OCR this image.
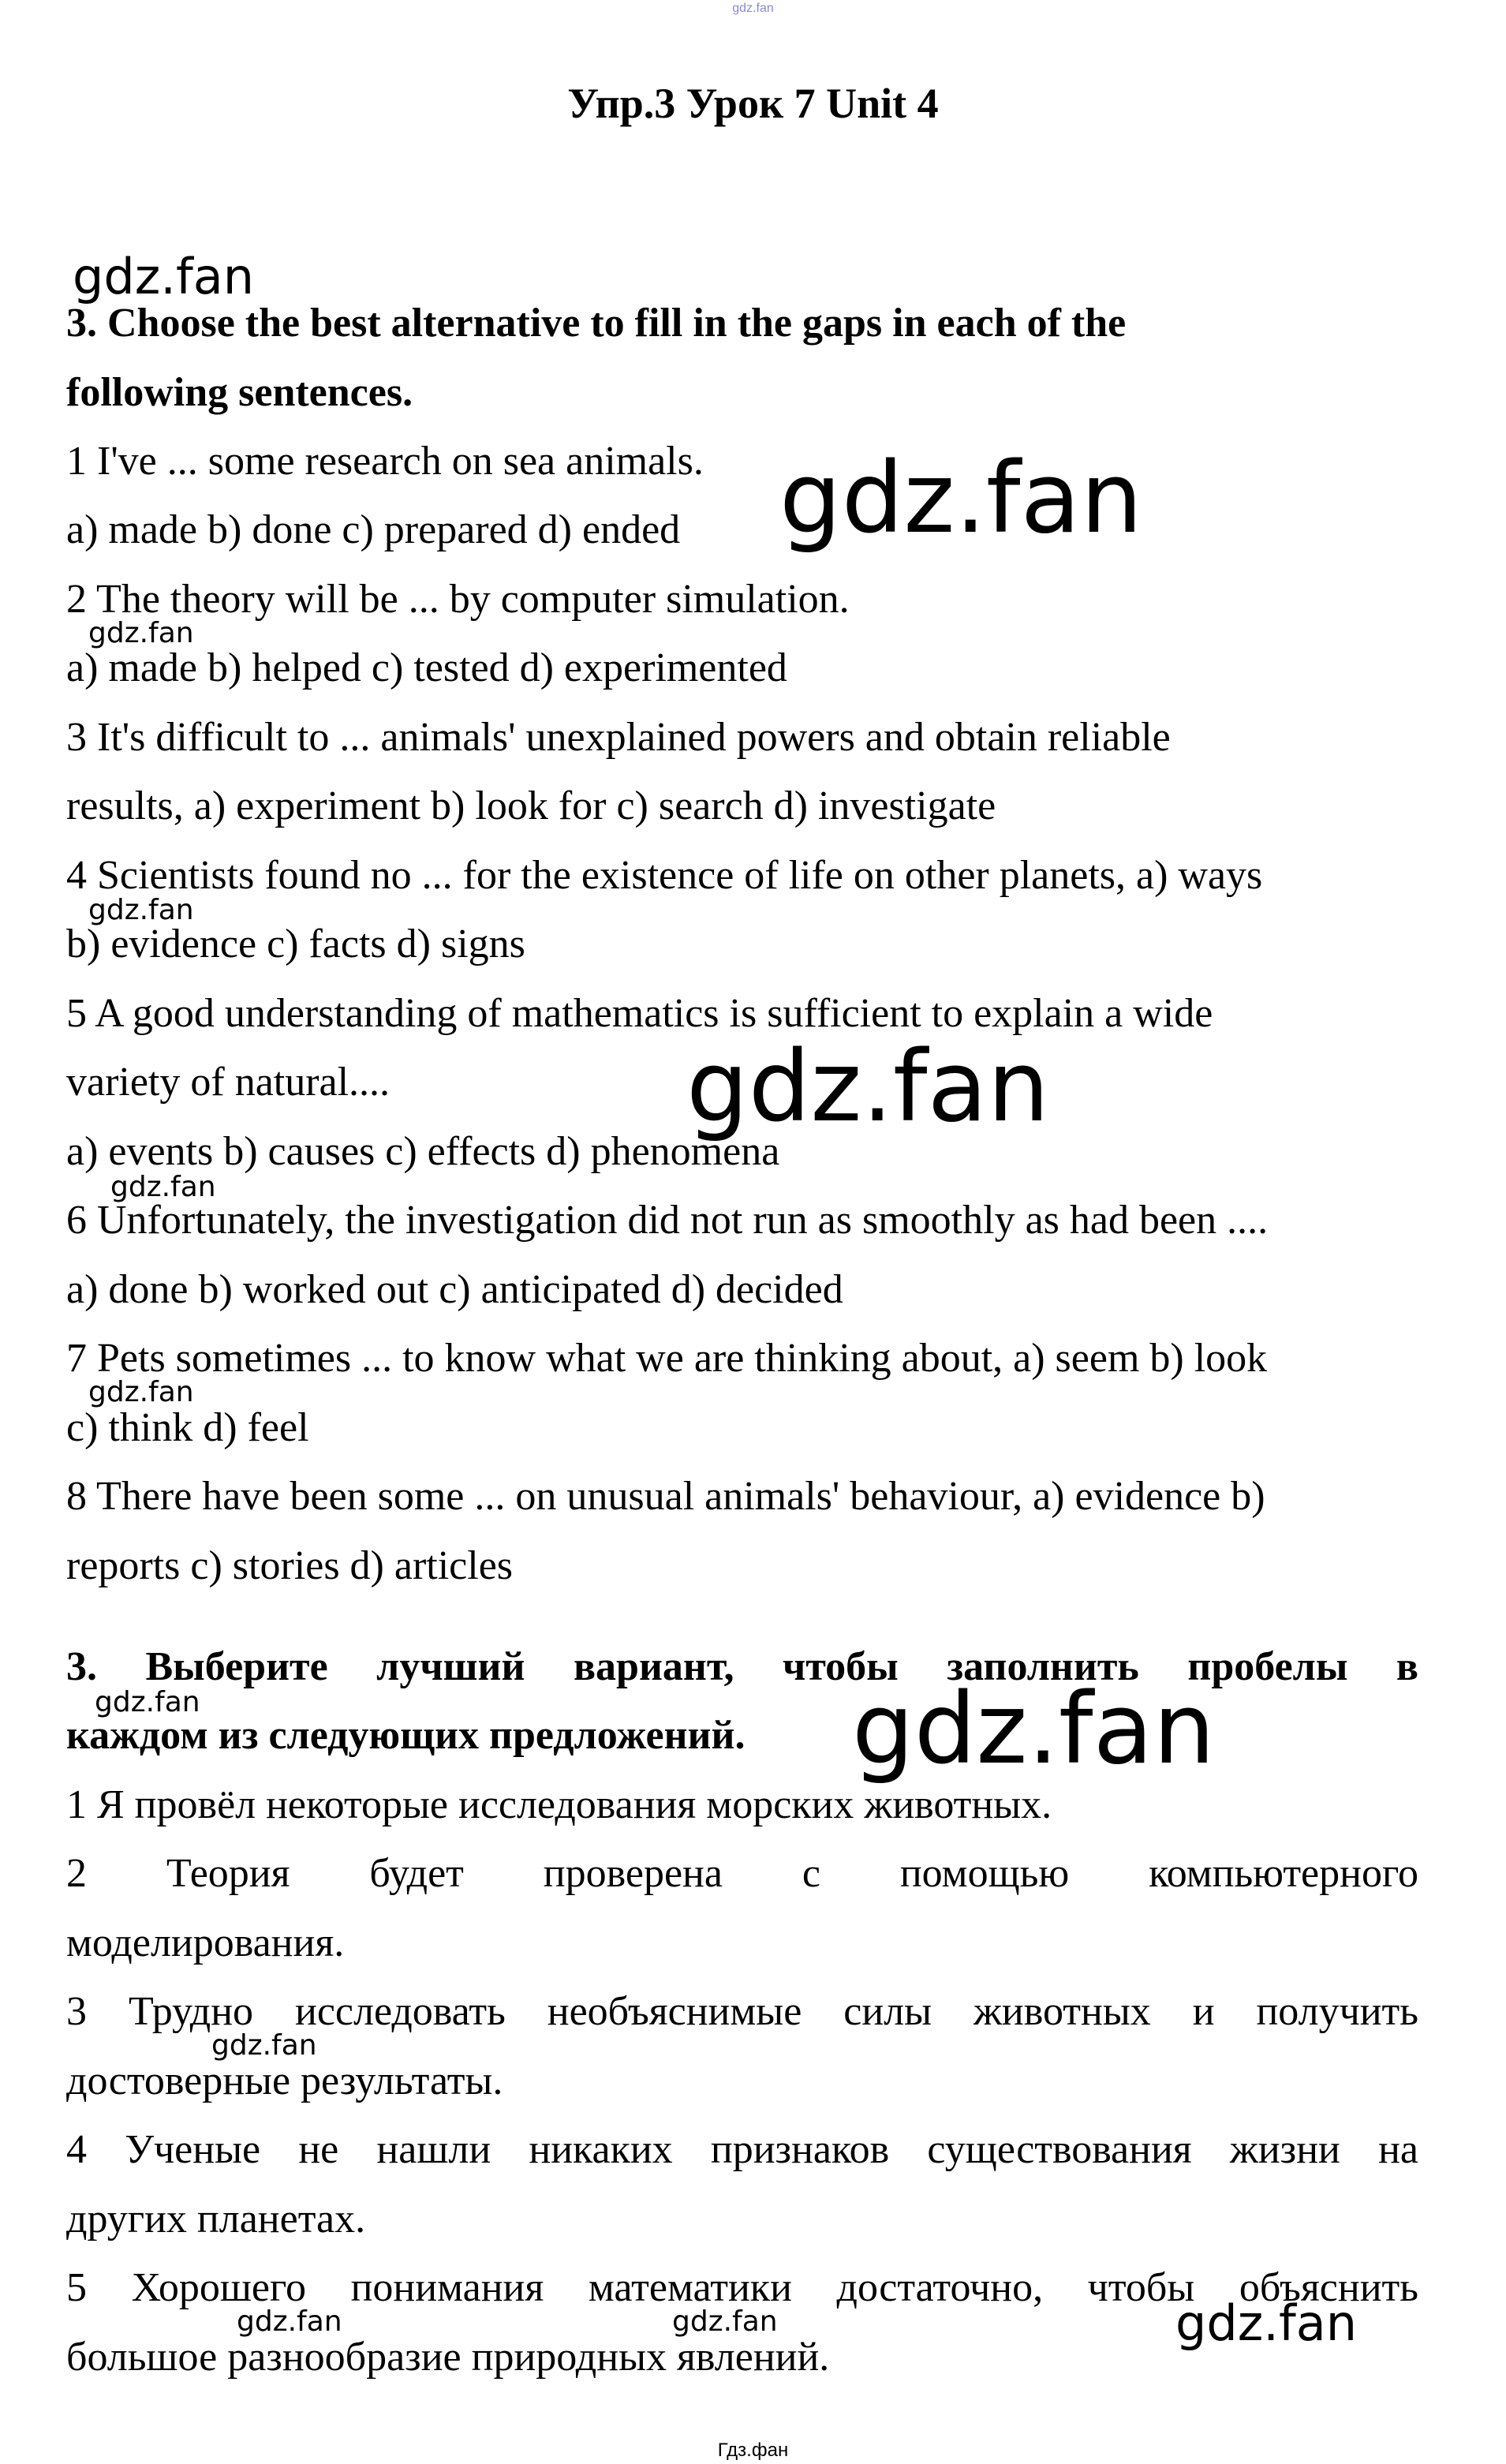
gdz.fan
Упр.3 Урок 7 Unit 4
3. Choose the best alternative to fill in the gaps in each of the
following sentences.
1 I've ... some research on sea animals.
a) made b) done c) prepared d) ended
2 The theory will be ... by computer simulation.
a) made b) helped c) tested d) experimented
3 It's difficult to ... animals' unexplained powers and obtain reliable
results, a) experiment b) look for c) search d) investigate
4 Scientists found no ... for the existence of life on other planets, a) ways
b) evidence c) facts d) signs
5 A good understanding of mathematics is sufficient to explain a wide
variety of natural....
a) events b) causes c) effects d) phenomena
6 Unfortunately, the investigation did not run as smoothly as had been ....
a) done b) worked out c) anticipated d) decided
7 Pets sometimes ... to know what we are thinking about, a) seem b) look
c) think d) feel
8 There have been some ... on unusual animals' behaviour, a) evidence b)
reports c) stories d) articles
3. Выберите лучший вариант, чтобы заполнить пробелы в
каждом из следующих предложений.
1 Я провёл некоторые исследования морских животных.
2 Теория будет проверена с помощью компьютерного
моделирования.
3 Трудно исследовать необъяснимые силы животных и получить
достоверные результаты.
4 Ученые не нашли никаких признаков существования жизни на
других планетах.
5 Хорошего понимания математики достаточно, чтобы объяснить
большое разнообразие природных явлений.
gdz.fan
gdz.fan
gdz.fan
gdz.fan
gdz.fan
gdz.fan
gdz.fan
gdz.fan	gdz.fan
gdz.fan
gdz.fan	gdz.fan	gdz.fan
Гдз.фан
